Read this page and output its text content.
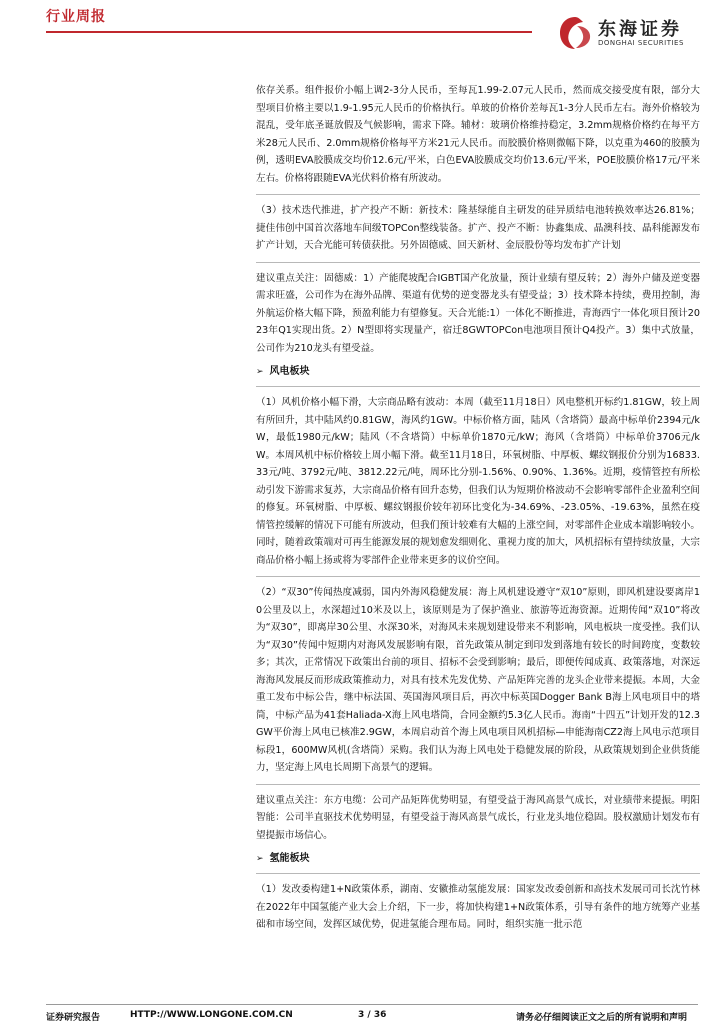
行业周报
东海证券
DONGHAI SECURITIES

依存关系。组件报价小幅上调2-3分人民币，至每瓦1.99-2.07元人民币，然而成交接受度有限，部分大型项目价格主要以1.9-1.95元人民币的价格执行。单玻的价格价差每瓦1-3分人民币左右。海外价格较为混乱，受年底圣诞放假及气候影响，需求下降。辅材：玻璃价格维持稳定，3.2mm规格价格约在每平方米28元人民币、2.0mm规格价格每平方米21元人民币。而胶膜价格则微幅下降，以克重为460的胶膜为例，透明EVA胶膜成交均价12.6元/平米，白色EVA胶膜成交均价13.6元/平米，POE胶膜价格17元/平米左右。价格将跟随EVA光伏料价格有所波动。

（3）技术迭代推进，扩产投产不断：新技术：隆基绿能自主研发的硅异质结电池转换效率达26.81%；捷佳伟创中国首次落地车间级TOPCon整线装备。扩产、投产不断：协鑫集成、晶澳科技、晶科能源发布扩产计划，天合光能可转债获批。另外固德威、回天新材、金辰股份等均发布扩产计划

建议重点关注：固德威：1）产能爬坡配合IGBT国产化放量，预计业绩有望反转；2）海外户储及逆变器需求旺盛，公司作为在海外品牌、渠道有优势的逆变器龙头有望受益；3）技术降本持续，费用控制，海外航运价格大幅下降，预盈利能力有望修复。天合光能:1）一体化不断推进，青海西宁一体化项目预计2023年Q1实现出货。2）N型即将实现量产，宿迁8GWTOPCon电池项目预计Q4投产。3）集中式放量，公司作为210龙头有望受益。

➢ 风电板块

（1）风机价格小幅下滑，大宗商品略有波动：本周（截至11月18日）风电整机开标约1.81GW，较上周有所回升，其中陆风约0.81GW，海风约1GW。中标价格方面，陆风（含塔筒）最高中标单价2394元/kW，最低1980元/kW；陆风（不含塔筒）中标单价1870元/kW；海风（含塔筒）中标单价3706元/kW。本周风机中标价格较上周小幅下滑。截至11月18日，环氧树脂、中厚板、螺纹钢报价分别为16833.33元/吨、3792元/吨、3812.22元/吨，周环比分别-1.56%、0.90%、1.36%。近期，疫情管控有所松动引发下游需求复苏，大宗商品价格有回升态势，但我们认为短期价格波动不会影响零部件企业盈利空间的修复。环氧树脂、中厚板、螺纹钢报价较年初环比变化为-34.69%、-23.05%、-19.63%，虽然在疫情管控缓解的情况下可能有所波动，但我们预计较难有大幅的上涨空间，对零部件企业成本端影响较小。同时，随着政策端对可再生能源发展的规划愈发细则化、重视力度的加大，风机招标有望持续放量，大宗商品价格小幅上扬或将为零部件企业带来更多的议价空间。

（2）“双30”传闻热度减弱，国内外海风稳健发展：海上风机建设遵守“双10”原则，即风机建设要离岸10公里及以上，水深超过10米及以上，该原则是为了保护渔业、旅游等近海资源。近期传闻“双10”将改为“双30”，即离岸30公里、水深30米，对海风未来规划建设带来不利影响，风电板块一度受挫。我们认为“双30”传闻中短期内对海风发展影响有限，首先政策从制定到印发到落地有较长的时间跨度，变数较多；其次，正常情况下政策出台前的项目、招标不会受到影响；最后，即便传闻成真、政策落地，对深远海海风发展反而形成政策推动力，对具有技术先发优势、产品矩阵完善的龙头企业带来提振。本周，大金重工发布中标公告，继中标法国、英国海风项目后，再次中标英国Dogger Bank B海上风电项目中的塔筒，中标产品为41套Haliada-X海上风电塔筒，合同金额约5.3亿人民币。海南“十四五”计划开发的12.3GW平价海上风电已核准2.9GW，本周启动首个海上风电项目风机招标—申能海南CZ2海上风电示范项目标段1，600MW风机(含塔筒）采购。我们认为海上风电处于稳健发展的阶段，从政策规划到企业供货能力，坚定海上风电长周期下高景气的逻辑。

建议重点关注：东方电缆：公司产品矩阵优势明显，有望受益于海风高景气成长，对业绩带来提振。明阳智能：公司半直驱技术优势明显，有望受益于海风高景气成长，行业龙头地位稳固。股权激励计划发布有望提振市场信心。

➢ 氢能板块

（1）发改委构建1+N政策体系，湖南、安徽推动氢能发展：国家发改委创新和高技术发展司司长沈竹林在2022年中国氢能产业大会上介绍，下一步，将加快构建1+N政策体系，引导有条件的地方统筹产业基础和市场空间，发挥区域优势，促进氢能合理布局。同时，组织实施一批示范

证券研究报告	HTTP://WWW.LONGONE.COM.CN	3 / 36	请务必仔细阅读正文之后的所有说明和声明
